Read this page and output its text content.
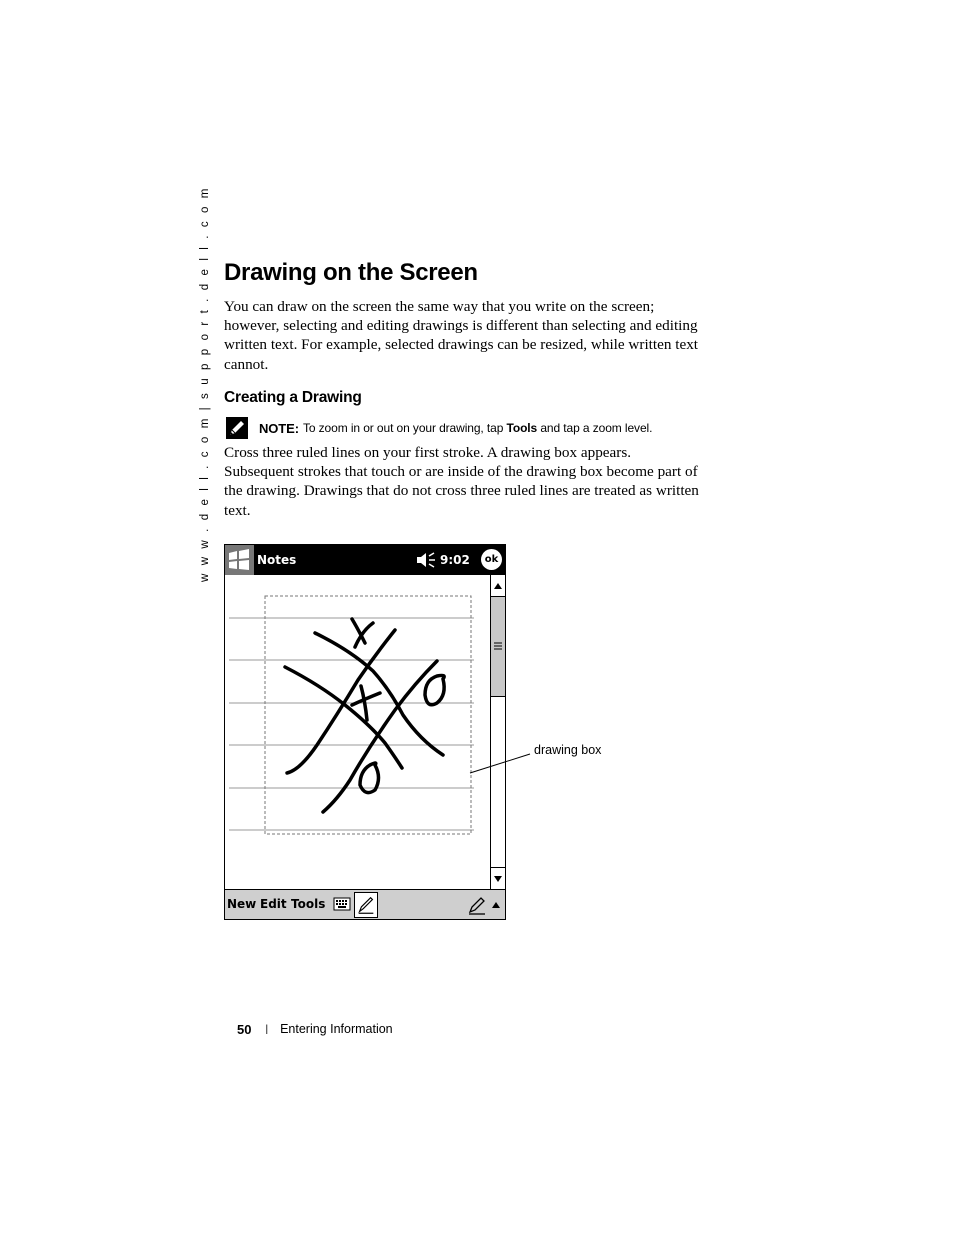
w w w . d e l l . c o m | s u p p o r t . d e l l . c o m Drawing on the Screen

You can draw on the screen the same way that you write on the screen; however, selecting and editing drawings is different than selecting and editing written text. For example, selected drawings can be resized, while written text cannot.

Creating a Drawing
NOTE: To zoom in or out on your drawing, tap
Tools
and tap a zoom level.

Cross three ruled lines on your first stroke. A drawing box appears. Subsequent strokes that touch or are inside of the drawing box become part of the drawing. Drawings that do not cross three ruled lines are treated as written text.

Notes	9:02	ok
New Edit Tools
drawing box
50 | Entering Information
